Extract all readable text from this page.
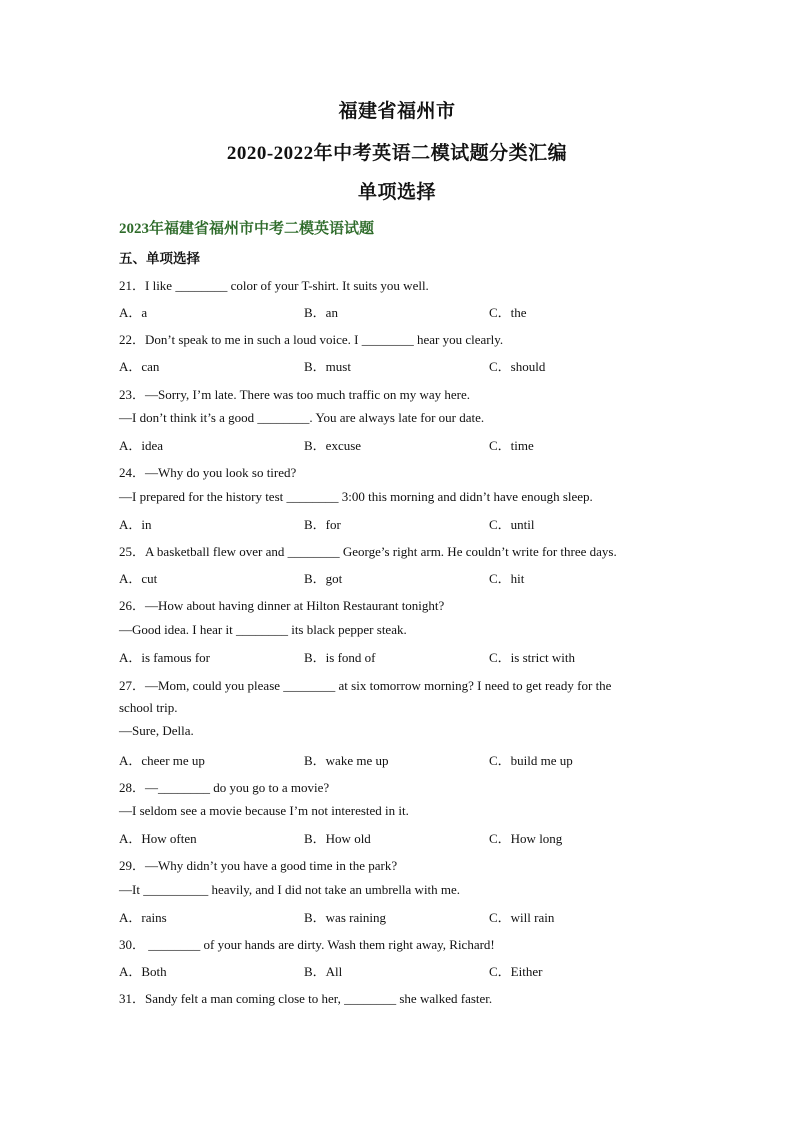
福建省福州市
2020-2022年中考英语二模试题分类汇编
单项选择
2023年福建省福州市中考二模英语试题
五、单项选择
21．I like ________ color of your T-shirt. It suits you well.
A．a	B．an	C．the
22．Don’t speak to me in such a loud voice. I ________ hear you clearly.
A．can	B．must	C．should
23．—Sorry, I’m late. There was too much traffic on my way here.
—I don’t think it’s a good ________. You are always late for our date.
A．idea	B．excuse	C．time
24．—Why do you look so tired?
—I prepared for the history test ________ 3:00 this morning and didn’t have enough sleep.
A．in	B．for	C．until
25．A basketball flew over and ________ George’s right arm. He couldn’t write for three days.
A．cut	B．got	C．hit
26．—How about having dinner at Hilton Restaurant tonight?
—Good idea. I hear it ________ its black pepper steak.
A．is famous for	B．is fond of	C．is strict with
27．—Mom, could you please ________ at six tomorrow morning? I need to get ready for the
school trip.
—Sure, Della.
A．cheer me up	B．wake me up	C．build me up
28．—________ do you go to a movie?
—I seldom see a movie because I’m not interested in it.
A．How often	B．How old	C．How long
29．—Why didn’t you have a good time in the park?
—It __________ heavily, and I did not take an umbrella with me.
A．rains	B．was raining	C．will rain
30． ________ of your hands are dirty. Wash them right away, Richard!
A．Both	B．All	C．Either
31．Sandy felt a man coming close to her, ________ she walked faster.
